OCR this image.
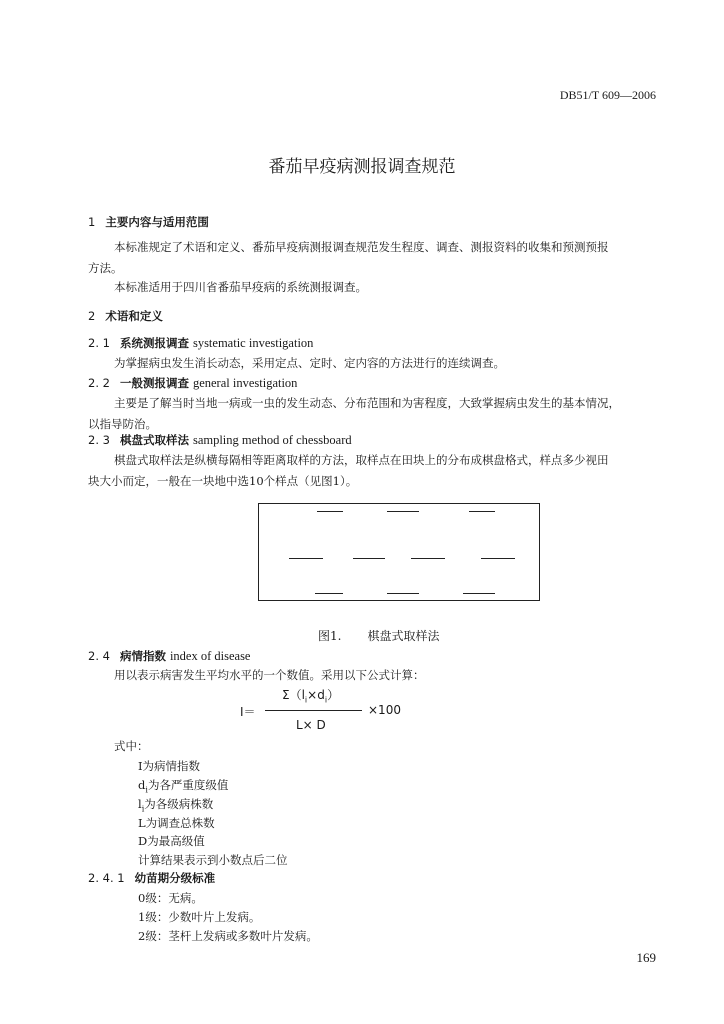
DB51/T 609—2006
番茄早疫病测报调查规范
1 主要内容与适用范围
本标准规定了术语和定义、番茄早疫病测报调查规范发生程度、调查、测报资料的收集和预测预报
方法。
本标准适用于四川省番茄早疫病的系统测报调查。
2 术语和定义
2. 1 系统测报调查 systematic investigation
为掌握病虫发生消长动态，采用定点、定时、定内容的方法进行的连续调查。
2. 2 一般测报调查 general investigation
主要是了解当时当地一病或一虫的发生动态、分布范围和为害程度，大致掌握病虫发生的基本情况，
以指导防治。
2. 3 棋盘式取样法 sampling method of chessboard
棋盘式取样法是纵横每隔相等距离取样的方法，取样点在田块上的分布成棋盘格式，样点多少视田
块大小而定，一般在一块地中选10个样点（见图1）。
图1. 棋盘式取样法
2. 4 病情指数 index of disease
用以表示病害发生平均水平的一个数值。采用以下公式计算：
$\Sigma(l_i\times d_i)$
I＝	×100
L× D
式中：
I为病情指数
$d_i$为各严重度级值
$l_i$为各级病株数
L为调查总株数
D为最高级值
计算结果表示到小数点后二位
2. 4. 1 幼苗期分级标准
0级：无病。
1级：少数叶片上发病。
2级：茎杆上发病或多数叶片发病。
169
